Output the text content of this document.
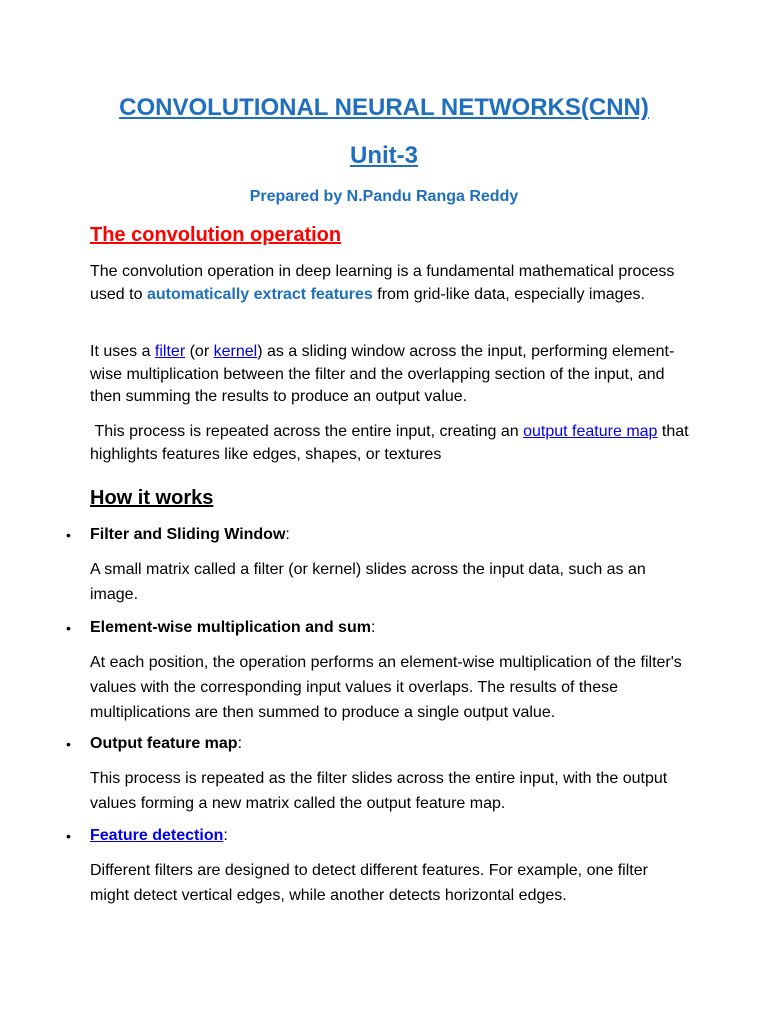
CONVOLUTIONAL NEURAL NETWORKS(CNN)
Unit-3
Prepared by N.Pandu Ranga Reddy
The convolution operation
The convolution operation in deep learning is a fundamental mathematical process used to automatically extract features from grid-like data, especially images.
It uses a filter (or kernel) as a sliding window across the input, performing element-wise multiplication between the filter and the overlapping section of the input, and then summing the results to produce an output value.
This process is repeated across the entire input, creating an output feature map that highlights features like edges, shapes, or textures
How it works
• Filter and Sliding Window:
A small matrix called a filter (or kernel) slides across the input data, such as an image.
• Element-wise multiplication and sum:
At each position, the operation performs an element-wise multiplication of the filter's values with the corresponding input values it overlaps. The results of these multiplications are then summed to produce a single output value.
• Output feature map:
This process is repeated as the filter slides across the entire input, with the output values forming a new matrix called the output feature map.
• Feature detection:
Different filters are designed to detect different features. For example, one filter might detect vertical edges, while another detects horizontal edges.
